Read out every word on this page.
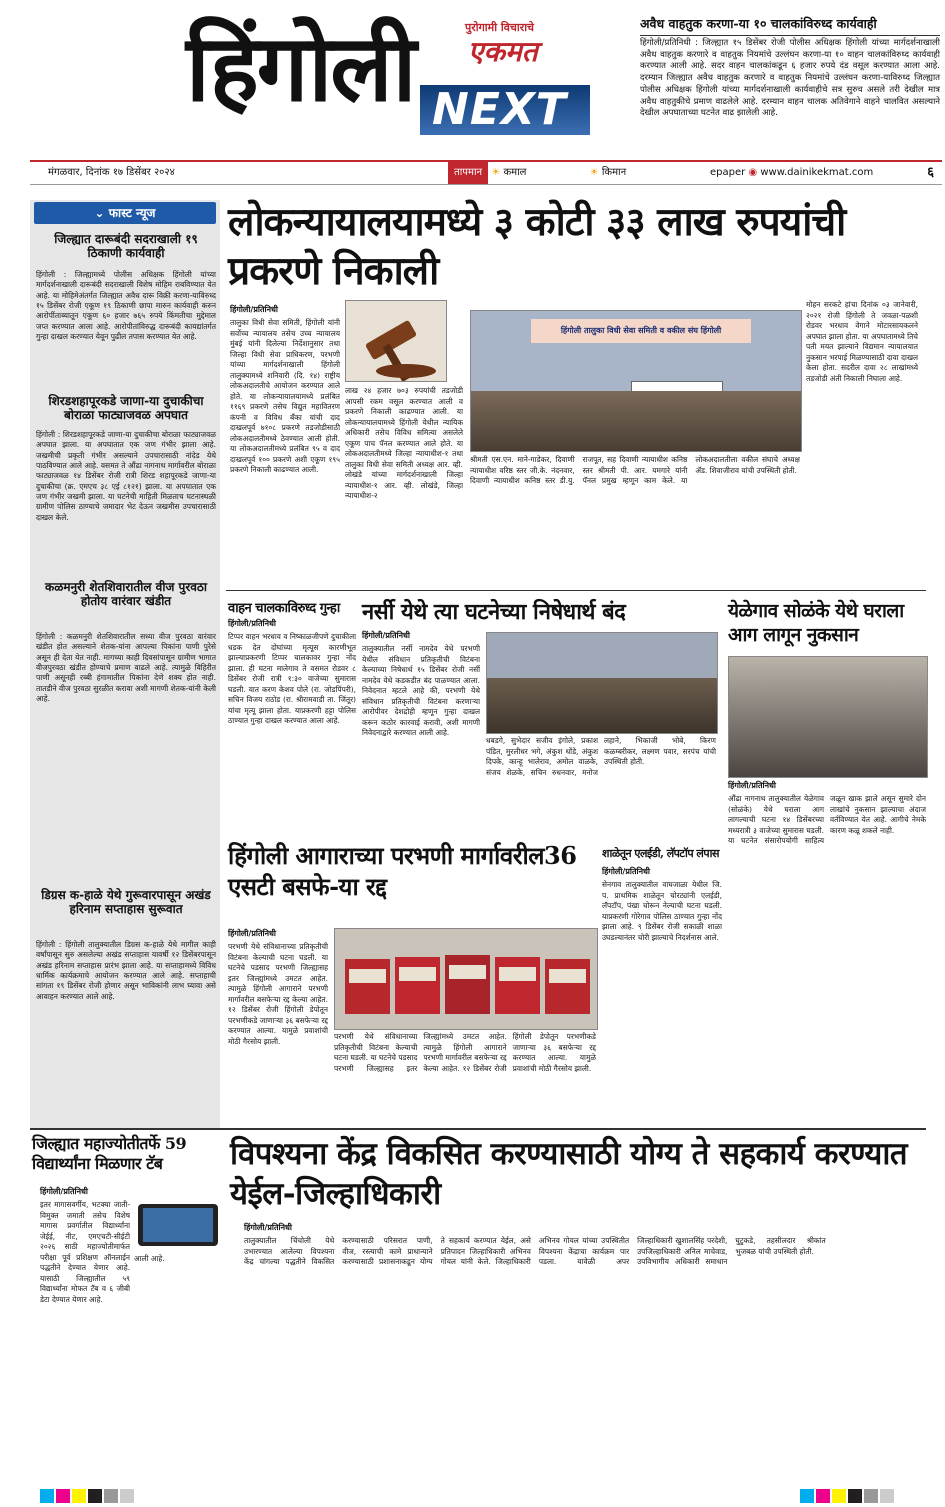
हिंगोली	पुरोगामी विचाराचे
एकमत
NEXT
अवैध वाहतुक करणा-या १० चालकांविरुध्द कार्यवाही
हिंगोली/प्रतिनिधी : जिल्ह्यात १५ डिसेंबर रोजी पोलीस अधिक्षक हिंगोली यांच्या मार्गदर्शनाखाली अवैध वाहतुक करणारे व वाहतुक नियमांचे उल्लंघन करणा-या १० वाहन चालकांविरुध्द कार्यवाही करण्यात आली आहे. सदर वाहन चालकांकडून ६ हजार रुपये दंड वसूल करण्यात आला आहे. दरम्यान जिल्ह्यात अवैध वाहतुक करणारे व वाहतुक नियमांचे उल्लंघन करणा-याविरुध्द जिल्ह्यात पोलीस अधिक्षक हिंगोली यांच्या मार्गदर्शनाखाली कार्यवाहीचे सत्र सुरुच असले तरी देखील मात्र अवैध वाहतुकीचे प्रमाण वाढलेले आहे. दरम्यान वाहन चालक अतिवेगाने वाहने चालवित असल्याने देखील अपघाताच्या घटनेत वाढ झालेली आहे.
मंगळवार, दिनांक १७ डिसेंबर २०२४	तापमान ☀ कमाल	☀ किमान	epaper ◉ www.dainikekmat.com	६
⌄ फास्ट न्यूज
जिल्ह्यात दारूबंदी सदराखाली १९ ठिकाणी कार्यवाही
हिंगोली : जिल्ह्यामध्ये पोलीस अधिक्षक हिंगोली यांच्या मार्गदर्शनाखाली दारूबंदी सदराखाली विशेष मोहिम राबविण्यात येत आहे. या मोहिमेअंतर्गत जिल्ह्यात अवैध दारू विक्री करणा-याविरुध्द १५ डिसेंबर रोजी एकूण १९ ठिकाणी छापा मारुन कार्यवाही करुन आरोपींताब्यातून एकूण ६० हजार ७६५ रुपये किंमतीचा मुद्देमाल जप्त करण्यात आला आहे. आरोपीतांविरुद्ध दारूबंदी कायद्यांतर्गत गुन्हा दाखल करण्यात येवून पुढील तपास करण्यात येत आहे.
शिरडशहापूरकडे जाणा-या दुचाकीचा बोराळा फाट्याजवळ अपघात
हिंगोली : शिरडशहापूरकडे जाणा-या दुचाकीचा बोराळा फाट्याजवळ अपघात झाला. या अपघातात एक जण गंभीर झाला आहे. जखमीची प्रकृती गंभीर असल्याने उपचारासाठी नांदेड येथे पाठविण्यात आले आहे. वसमत ते औंढा नागनाथ मार्गावरील बोराळा फाट्याजवळ १४ डिसेंबर रोजी रात्री शिरड शहापूरकडे जाणा-या दुचाकीचा (क्र. एमएच ३८ एई ८१२१) झाला. या अपघातात एक जण गंभीर जखमी झाला. या घटनेची माहिती मिळताच घटनास्थळी ग्रामीण पोलिस ठाण्याचे जमादार भेट देऊन जखमीस उपचारासाठी दाखल केले.
कळमनुरी शेतशिवारातील वीज पुरवठा होतोय वारंवार खंडीत
हिंगोली : कळमनुरी शेतशिवारातील सध्या वीज पुरवठा वारंवार खंडीत होत असल्याने शेतक-यांना आपल्या पिकांना पाणी पुरेसे असून ही देता येत नाही. मागच्या काही दिवसांपासून ग्रामीण भागात वीजपुरवठा खंडीत होण्याचे प्रमाण वाढले आहे. त्यामुळे विहिरीत पाणी असूनही रब्बी हंगामातील पिकांना देणे शक्य होत नाही. तातडीने वीज पुरवठा सुरळीत करावा अशी मागणी शेतक-यांनी केली आहे.
डिग्रस क-हाळे येथे गुरूवारपासून अखंड हरिनाम सप्ताहास सुरूवात
हिंगोली : हिंगोली तालुक्यातील डिग्रस क-हाळे येथे मागील काही वर्षांपासून सुरु असलेल्या अखंड सप्ताहास यावर्षी १२ डिसेंबरपासून अखंड हरिनाम सप्ताहास प्रारंभ झाला आहे. या सप्ताहामध्ये विविध धार्मिक कार्यक्रमाचे आयोजन करण्यात आले आहे. सप्ताहाची सांगता १९ डिसेंबर रोजी होणार असून भाविकांनी लाभ घ्यावा असे आवाहन करण्यात आले आहे.
लोकन्यायालयामध्ये ३ कोटी ३३ लाख रुपयांची प्रकरणे निकाली
हिंगोली/प्रतिनिधी
तालुका विधी सेवा समिती, हिंगोली यांनी सर्वोच्च न्यायालय तसेच उच्च न्यायालय मुंबई यांनी दिलेल्या निर्देशानुसार तथा जिल्हा विधी सेवा प्राधिकरण, परभणी यांच्या मार्गदर्शनाखाली हिंगोली तालुक्यामध्ये शनिवारी (दि. १४) राष्ट्रीय लोकअदालतीचे आयोजन करण्यात आले होते. या लोकन्यायालयामध्ये प्रलंबित ११६९ प्रकरणे तसेच विद्युत महावितरण कंपनी व विविध बँका यांची दाद दाखलपूर्व ७१०८ प्रकरणे तडजोडीसाठी लोकअदालतीमध्ये ठेवण्यात आली होती. या लोकअदालतीमध्ये प्रलंबित ९५ व दाद दाखलपूर्व १०० प्रकरणे अशी एकूण १९५ प्रकरणे निकाली काढण्यात आली.
लाख २४ हजार ७०३ रुपयांची तडजोडी आपसी रकम वसूल करण्यात आली व प्रकरणे निकाली काढण्यात आली. या लोकन्यायालयामध्ये हिंगोली येथील न्यायिक अधिकारी तसेच विविध समित्या असलेले एकूण पाच पॅनल करण्यात आले होते. या लोकअदालतीमध्ये जिल्हा न्यायाधीश-१ तथा तालुका विधी सेवा समिती अध्यक्ष आर. व्ही. लोखंडे यांच्या मार्गदर्शनाखाली जिल्हा न्यायाधीश-१ आर. व्ही. लोखंडे, जिल्हा न्यायाधीश-२
हिंगोली तालुका विधी सेवा समिती व वकील संघ हिंगोली
श्रीमती एस.एन. माने-गाडेकर, दिवाणी न्यायाधीश वरिष्ठ स्तर जी.के. नंदनवार, दिवाणी न्यायाधीश कनिष्ठ स्तर डी.यु. राजपूत, सह दिवाणी न्यायाधीश कनिष्ठ स्तर श्रीमती पी. आर. यमगारे यांनी पॅनल प्रमुख म्हणून काम केले. या लोकअदालतीला वकील संघाचे अध्यक्ष ॲड. शिवाजीराव यांची उपस्थिती होती.
मोहन सरकटे हांचा दिनांक ०३ जानेवारी, २०२१ रोजी हिंगोली ते जवळा-पळशी रोडवर भरधाव वेगाने मोटारसायकलने अपघात झाला होता. या अपघातामध्ये तिचे पती मयत झाल्याने विद्यमान न्यायालयात नुकसान भरपाई मिळण्यासाठी दावा दाखल केला होता. सदरील दावा २८ लाखांमध्ये तडजोडी अंती निकाली निघाला आहे.
वाहन चालकाविरुध्द गुन्हा
हिंगोली/प्रतिनिधी
टिप्पर वाहन भरधाव व निष्काळजीपणे दुचाकीला धडक देत दोघांच्या मृत्यूस कारणीभूत झाल्याप्रकरणी टिप्पर चालकावर गुन्हा नोंद झाला. ही घटना मालेगाव ते वसमत रोडवर ८ डिसेंबर रोजी रात्री १:३० वाजेच्या सुमारास घडली. यात करण केशव पोले (रा. जोडपिंपरी), सचिन विजय राठोड (रा. श्रीरामवाडी ता. जिंतूर) यांचा मृत्यू झाला होता. याप्रकरणी हट्टा पोलिस ठाण्यात गुन्हा दाखल करण्यात आला आहे.
नर्सी येथे त्या घटनेच्या निषेधार्थ बंद
हिंगोली/प्रतिनिधी
तालुक्यातील नर्सी नामदेव येथे परभणी येथील संविधान प्रतिकृतीची विटंबना केल्याच्या निषेधार्थ १५ डिसेंबर रोजी नर्सी नामदेव येथे कडकडीत बंद पाळण्यात आला. निवेदनात म्हटले आहे की, परभणी येथे संविधान प्रतिकृतीची विटंबना करणाऱ्या आरोपीवर देशद्रोही म्हणून गुन्हा दाखल करून कठोर कारवाई करावी, अशी मागणी निवेदनाद्वारे करण्यात आली आहे.
धबडगे, सुभेदार सजीव इंगोले, प्रकाश पंडित, मुरलीधर भगे, अंकुश धोंडे, अंकुश दिपके, कान्हू भालेराव, अमोल वाळके, संजय शेळके, सचिन रुधनवार, मनोज लहाने, भिकाजी भोबे, किरण कळम्बरीकर, लक्ष्मण पवार, सरपंच यांची उपस्थिती होती.
येळेगाव सोळंके येथे घराला आग लागून नुकसान
हिंगोली/प्रतिनिधी
औंढा नागनाथ तालुक्यातील येळेगाव (सोळंके) येथे घराला आग लागल्याची घटना १४ डिसेंबरच्या मध्यरात्री ३ वाजेच्या सुमारास घडली. या घटनेत संसारोपयोगी साहित्य जळून खाक झाले असून सुमारे दोन लाखांचे नुकसान झाल्याचा अंदाज वर्तविण्यात येत आहे. आगीचे नेमके कारण कळू शकले नाही.
शाळेतून एलईडी, लॅपटॉप लंपास
हिंगोली/प्रतिनिधी
सेनगाव तालुक्यातील वाघजाळा येथील जि. प. प्राथमिक शाळेतून चोरट्यांनी एलईडी, लॅपटॉप, पंखा चोरून नेल्याची घटना घडली. याप्रकरणी गोरेगाव पोलिस ठाण्यात गुन्हा नोंद झाला आहे. ९ डिसेंबर रोजी सकाळी शाळा उघडल्यानंतर चोरी झाल्याचे निदर्शनास आले.
हिंगोली आगाराच्या परभणी मार्गावरील36 एसटी बसफे-या रद्द
हिंगोली/प्रतिनिधी
परभणी येथे संविधानाच्या प्रतिकृतीची विटंबना केल्याची घटना घडली. या घटनेचे पडसाद परभणी जिल्ह्यासह इतर जिल्ह्यांमध्ये उमटत आहेत. त्यामुळे हिंगोली आगाराने परभणी मार्गावरील बसफेऱ्या रद्द केल्या आहेत. १२ डिसेंबर रोजी हिंगोली डेपोतून परभणीकडे जाणाऱ्या ३६ बसफेऱ्या रद्द करण्यात आल्या. यामुळे प्रवाशांची मोठी गैरसोय झाली.
परभणी येथे संविधानाच्या प्रतिकृतीची विटंबना केल्याची घटना घडली. या घटनेचे पडसाद परभणी जिल्ह्यासह इतर जिल्ह्यांमध्ये उमटत आहेत. त्यामुळे हिंगोली आगाराने परभणी मार्गावरील बसफेऱ्या रद्द केल्या आहेत. १२ डिसेंबर रोजी हिंगोली डेपोतून परभणीकडे जाणाऱ्या ३६ बसफेऱ्या रद्द करण्यात आल्या. यामुळे प्रवाशांची मोठी गैरसोय झाली.
जिल्ह्यात महाज्योतीतर्फे 59 विद्यार्थ्यांना मिळणार टॅब
हिंगोली/प्रतिनिधी
इतर मागासवर्गीय, भटक्या जाती-विमुक्त जमाती तसेच विशेष मागास प्रवर्गातील विद्यार्थ्यांना जेईई, नीट, एमएचटी-सीईटी २०२६ साठी महाज्योतीमार्फत परीक्षा पूर्व प्रशिक्षण ऑनलाईन पद्धतीने देण्यात येणार आहे. यासाठी जिल्ह्यातील ५९ विद्यार्थ्यांना मोफत टॅब व ६ जीबी डेटा देण्यात येणार आहे.
आली आहे.
विपश्यना केंद्र विकसित करण्यासाठी योग्य ते सहकार्य करण्यात येईल-जिल्हाधिकारी
हिंगोली/प्रतिनिधी
तालुक्यातील चिंचोली येथे उभारण्यात आलेल्या विपश्यना केंद्र चांगल्या पद्धतीने विकसित करण्यासाठी परिसरात पाणी, वीज, रस्त्याची कामे प्राधान्याने करण्यासाठी प्रशासनाकडून योग्य ते सहकार्य करण्यात येईल, असे प्रतिपादन जिल्हाधिकारी अभिनव गोयल यांनी केले. जिल्हाधिकारी अभिनव गोयल यांच्या उपस्थितीत विपश्यना केंद्राचा कार्यक्रम पार पडला. यावेळी अपर जिल्हाधिकारी खुशालसिंह परदेशी, उपजिल्हाधिकारी अनिल माचेवाड, उपविभागीय अधिकारी समाधान घुटुकडे, तहसीलदार श्रीकांत भुजबळ यांची उपस्थिती होती.
